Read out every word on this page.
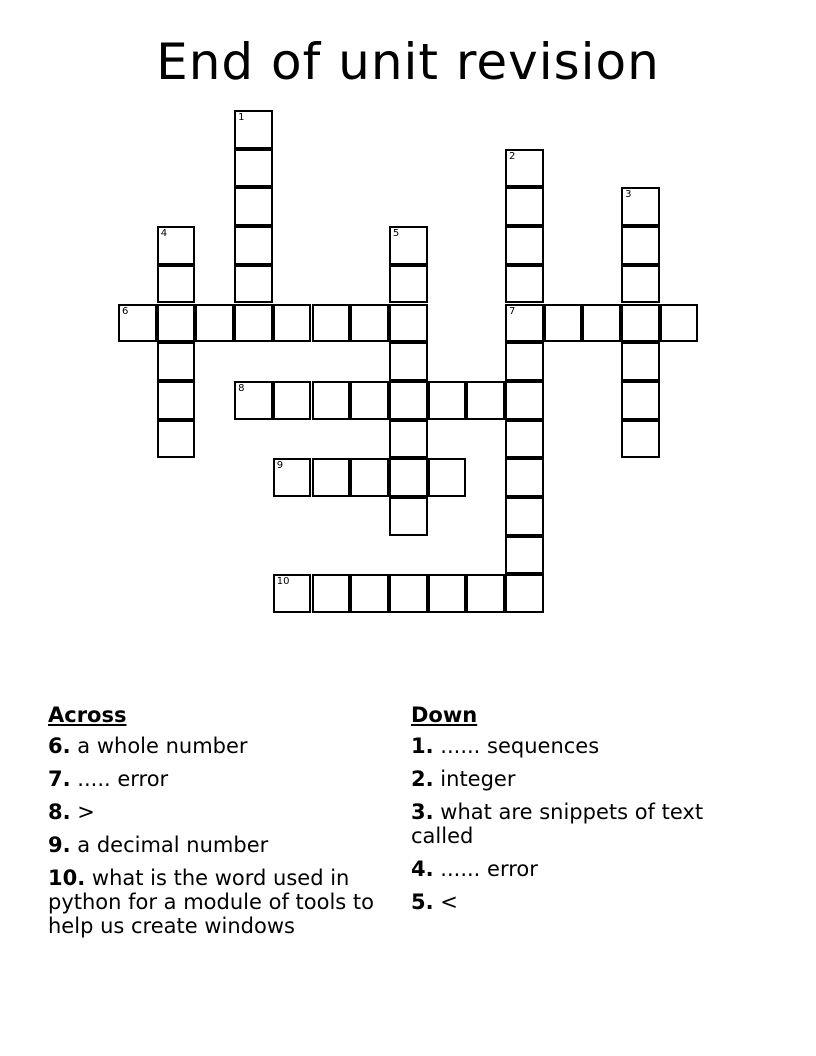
End of unit revision
6	7
8
9
10
1
2
3
4	5
Across
6. a whole number
7. ..... error
8. >
9. a decimal number
10. what is the word used in python for a module of tools to help us create windows
Down
1. ...... sequences
2. integer
3. what are snippets of text called
4. ...... error
5. <
